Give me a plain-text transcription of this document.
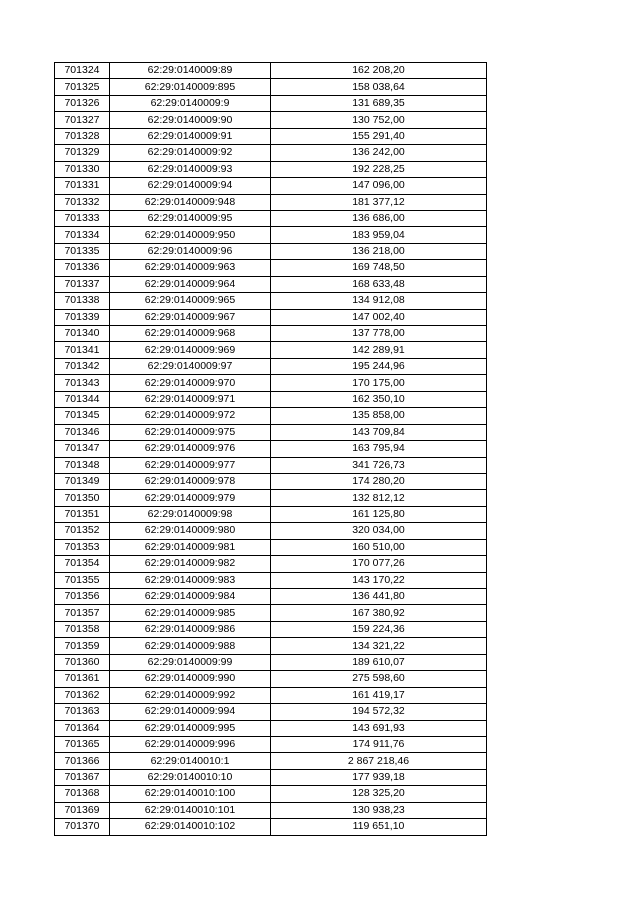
701324	62:29:0140009:89	162 208,20
701325	62:29:0140009:895	158 038,64
701326	62:29:0140009:9	131 689,35
701327	62:29:0140009:90	130 752,00
701328	62:29:0140009:91	155 291,40
701329	62:29:0140009:92	136 242,00
701330	62:29:0140009:93	192 228,25
701331	62:29:0140009:94	147 096,00
701332	62:29:0140009:948	181 377,12
701333	62:29:0140009:95	136 686,00
701334	62:29:0140009:950	183 959,04
701335	62:29:0140009:96	136 218,00
701336	62:29:0140009:963	169 748,50
701337	62:29:0140009:964	168 633,48
701338	62:29:0140009:965	134 912,08
701339	62:29:0140009:967	147 002,40
701340	62:29:0140009:968	137 778,00
701341	62:29:0140009:969	142 289,91
701342	62:29:0140009:97	195 244,96
701343	62:29:0140009:970	170 175,00
701344	62:29:0140009:971	162 350,10
701345	62:29:0140009:972	135 858,00
701346	62:29:0140009:975	143 709,84
701347	62:29:0140009:976	163 795,94
701348	62:29:0140009:977	341 726,73
701349	62:29:0140009:978	174 280,20
701350	62:29:0140009:979	132 812,12
701351	62:29:0140009:98	161 125,80
701352	62:29:0140009:980	320 034,00
701353	62:29:0140009:981	160 510,00
701354	62:29:0140009:982	170 077,26
701355	62:29:0140009:983	143 170,22
701356	62:29:0140009:984	136 441,80
701357	62:29:0140009:985	167 380,92
701358	62:29:0140009:986	159 224,36
701359	62:29:0140009:988	134 321,22
701360	62:29:0140009:99	189 610,07
701361	62:29:0140009:990	275 598,60
701362	62:29:0140009:992	161 419,17
701363	62:29:0140009:994	194 572,32
701364	62:29:0140009:995	143 691,93
701365	62:29:0140009:996	174 911,76
701366	62:29:0140010:1	2 867 218,46
701367	62:29:0140010:10	177 939,18
701368	62:29:0140010:100	128 325,20
701369	62:29:0140010:101	130 938,23
701370	62:29:0140010:102	119 651,10
